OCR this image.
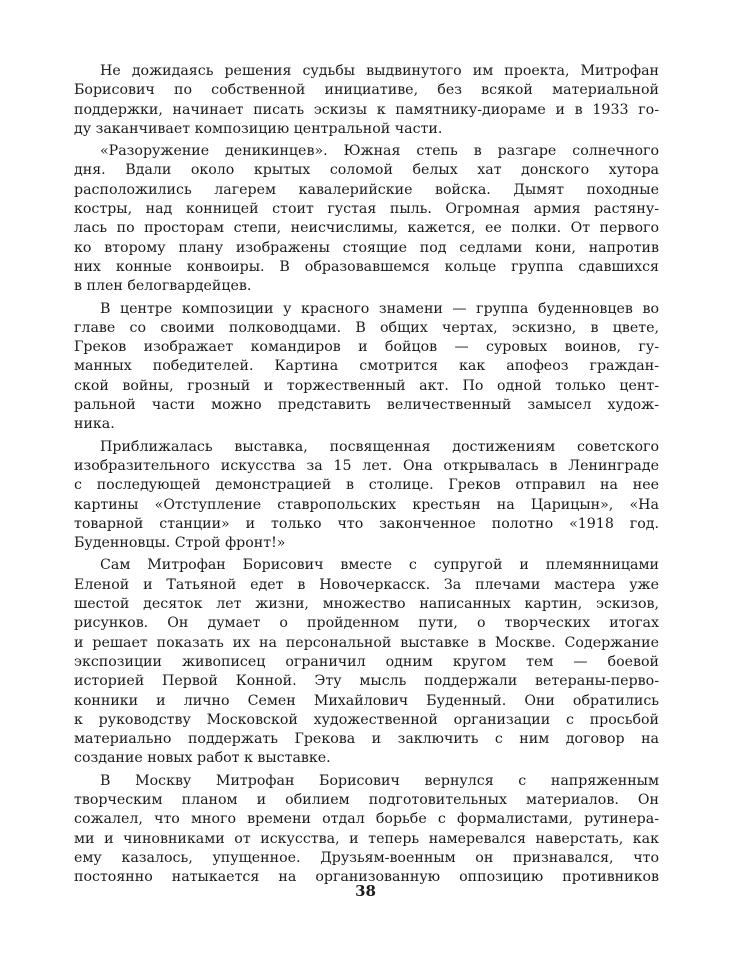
Не дожидаясь решения судьбы выдвинутого им проекта, Митрофан
Борисович по собственной инициативе, без всякой материальной
поддержки, начинает писать эскизы к памятнику-диораме и в 1933 го-
ду заканчивает композицию центральной части.
«Разоружение деникинцев». Южная степь в разгаре солнечного
дня. Вдали около крытых соломой белых хат донского хутора
расположились лагерем кавалерийские войска. Дымят походные
костры, над конницей стоит густая пыль. Огромная армия растяну-
лась по просторам степи, неисчислимы, кажется, ее полки. От первого
ко второму плану изображены стоящие под седлами кони, напротив
них конные конвоиры. В образовавшемся кольце группа сдавшихся
в плен белогвардейцев.
В центре композиции у красного знамени — группа буденновцев во
главе со своими полководцами. В общих чертах, эскизно, в цвете,
Греков изображает командиров и бойцов — суровых воинов, гу-
манных победителей. Картина смотрится как апофеоз граждан-
ской войны, грозный и торжественный акт. По одной только цент-
ральной части можно представить величественный замысел худож-
ника.
Приближалась выставка, посвященная достижениям советского
изобразительного искусства за 15 лет. Она открывалась в Ленинграде
с последующей демонстрацией в столице. Греков отправил на нее
картины «Отступление ставропольских крестьян на Царицын», «На
товарной станции» и только что законченное полотно «1918 год.
Буденновцы. Строй фронт!»
Сам Митрофан Борисович вместе с супругой и племянницами
Еленой и Татьяной едет в Новочеркасск. За плечами мастера уже
шестой десяток лет жизни, множество написанных картин, эскизов,
рисунков. Он думает о пройденном пути, о творческих итогах
и решает показать их на персональной выставке в Москве. Содержание
экспозиции живописец ограничил одним кругом тем — боевой
историей Первой Конной. Эту мысль поддержали ветераны-перво-
конники и лично Семен Михайлович Буденный. Они обратились
к руководству Московской художественной организации с просьбой
материально поддержать Грекова и заключить с ним договор на
создание новых работ к выставке.
В Москву Митрофан Борисович вернулся с напряженным
творческим планом и обилием подготовительных материалов. Он
сожалел, что много времени отдал борьбе с формалистами, рутинера-
ми и чиновниками от искусства, и теперь намеревался наверстать, как
ему казалось, упущенное. Друзьям-военным он признавался, что
постоянно натыкается на организованную оппозицию противников
38
